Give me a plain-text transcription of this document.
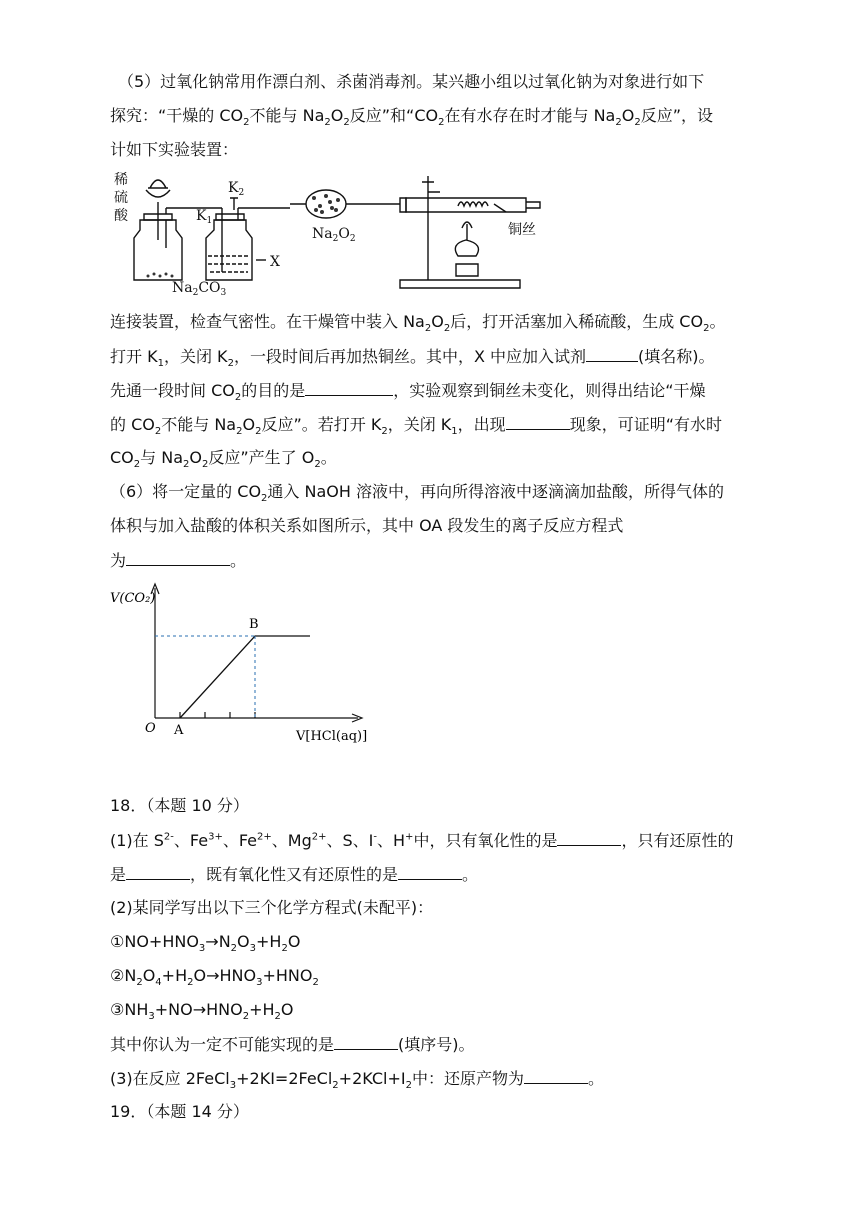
（5）过氧化钠常用作漂白剂、杀菌消毒剂。某兴趣小组以过氧化钠为对象进行如下
探究：“干燥的 $CO_2$不能与 $Na_2O_2$反应”和“$CO_2$在有水存在时才能与 $Na_2O_2$反应”，设
计如下实验装置：
稀
硫
酸
$K_2$
$K_1$
X
$Na_2O_2$
$Na_2CO_3$
铜丝
连接装置，检查气密性。在干燥管中装入 $Na_2O_2$后，打开活塞加入稀硫酸，生成 $CO_2$。
打开 $K_1$，关闭 $K_2$，一段时间后再加热铜丝。其中，X 中应加入试剂	(填名称)。
先通一段时间 $CO_2$的目的是	，实验观察到铜丝未变化，则得出结论“干燥
的 $CO_2$不能与 $Na_2O_2$反应”。若打开 $K_2$，关闭 $K_1$，出现	现象，可证明“有水时
$CO_2$与 $Na_2O_2$反应”产生了 $O_2$。
（6）将一定量的 $CO_2$通入 NaOH 溶液中，再向所得溶液中逐滴滴加盐酸，所得气体的
体积与加入盐酸的体积关系如图所示，其中 OA 段发生的离子反应方程式
为	。
A
B
V(CO₂)
V[HCl(aq)]
O
18．（本题 10 分）
(1)在 $S^{2-}$、$Fe^{3+}$、$Fe^{2+}$、$Mg^{2+}$、S、I-、H+中，只有氧化性的是	，只有还原性的
是	，既有氧化性又有还原性的是	。
(2)某同学写出以下三个化学方程式(未配平)：
$①NO+HNO_3\to N_2O_3+H_2O$
$②N_2O_4+H_2O\to HNO_3+HNO_2$
$③NH_3+NO\to HNO_2+H_2O$
其中你认为一定不可能实现的是	(填序号)。
(3)在反应 $2FeCl_3+2KI=2FeCl_2+2KCl+I_2$中：还原产物为	。
19．（本题 14 分）
